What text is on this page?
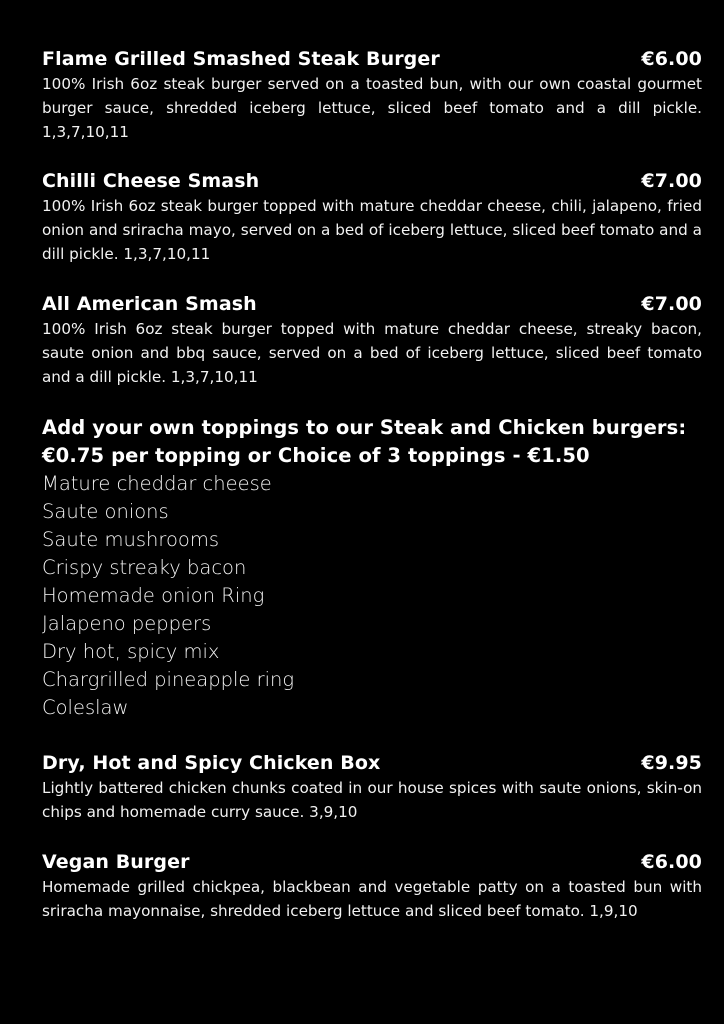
Flame Grilled Smashed Steak Burger	€6.00

100% Irish 6oz steak burger served on a toasted bun, with our own coastal gourmet burger sauce, shredded iceberg lettuce, sliced beef tomato and a dill pickle. 1,3,7,10,11

Chilli Cheese Smash	€7.00

100% Irish 6oz steak burger topped with mature cheddar cheese, chili, jalapeno, fried onion and sriracha mayo, served on a bed of iceberg lettuce, sliced beef tomato and a dill pickle. 1,3,7,10,11

All American Smash	€7.00

100% Irish 6oz steak burger topped with mature cheddar cheese, streaky bacon, saute onion and bbq sauce, served on a bed of iceberg lettuce, sliced beef tomato and a dill pickle. 1,3,7,10,11

Add your own toppings to our Steak and Chicken burgers:
€0.75 per topping or Choice of 3 toppings - €1.50
Mature cheddar cheese
Saute onions
Saute mushrooms
Crispy streaky bacon
Homemade onion Ring
Jalapeno peppers
Dry hot, spicy mix
Chargrilled pineapple ring
Coleslaw
Dry, Hot and Spicy Chicken Box	€9.95

Lightly battered chicken chunks coated in our house spices with saute onions, skin-on chips and homemade curry sauce. 3,9,10

Vegan Burger	€6.00

Homemade grilled chickpea, blackbean and vegetable patty on a toasted bun with sriracha mayonnaise, shredded iceberg lettuce and sliced beef tomato. 1,9,10
